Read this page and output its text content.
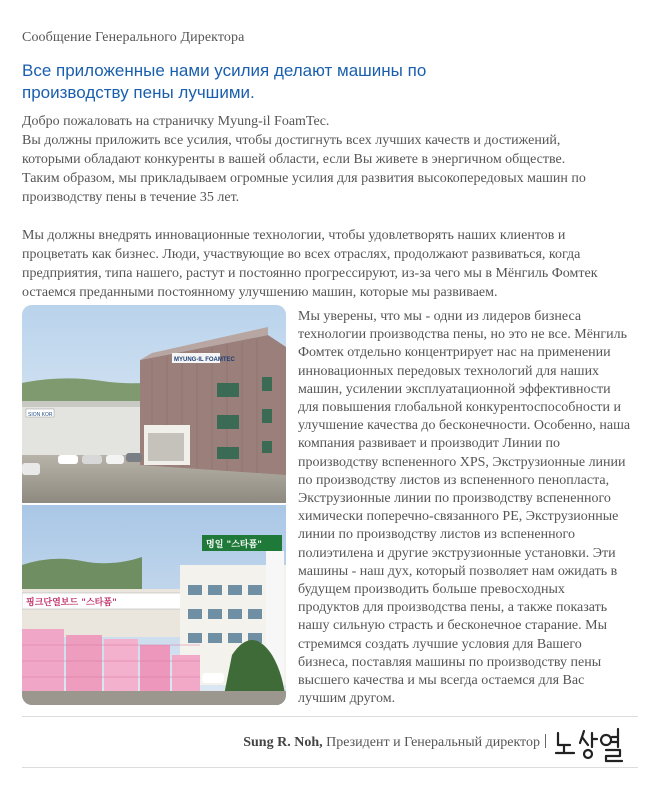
Сообщение Генерального Директора
Все приложенные нами усилия делают машины по
производству пены лучшими.

Добро пожаловать на страничку Myung-il FoamTec.
Вы должны приложить все усилия, чтобы достигнуть всех лучших качеств и достижений,
которыми обладают конкуренты в вашей области, если Вы живете в энергичном обществе.
Таким образом, мы прикладываем огромные усилия для развития высокопередовых машин по
производству пены в течение 35 лет.

Мы должны внедрять инновационные технологии, чтобы удовлетворять наших клиентов и
процветать как бизнес. Люди, участвующие во всех отраслях, продолжают развиваться, когда
предприятия, типа нашего, растут и постоянно прогрессируют, из-за чего мы в Мёнгиль Фомтек
остаемся преданными постоянному улучшению машин, которые мы развиваем.

SION KOR
MYUNG-IL FOAMTEC
핑크단열보드 "스타폼"
명일 "스타폼"
Мы уверены, что мы - одни из лидеров бизнеса
технологии производства пены, но это не все. Мёнгиль
Фомтек отдельно концентрирует нас на применении
инновационных передовых технологий для наших
машин, усилении эксплуатационной эффективности
для повышения глобальной конкурентоспособности и
улучшение качества до бесконечности. Особенно, наша
компания развивает и производит Линии по
производству вспененного XPS, Экструзионные линии
по производству листов из вспененного пенопласта,
Экструзионные линии по производству вспененного
химически поперечно-связанного PE, Экструзионные
линии по производству листов из вспененного
полиэтилена и другие экструзионные установки. Эти
машины - наш дух, который позволяет нам ожидать в
будущем производить больше превосходных
продуктов для производства пены, а также показать
нашу сильную страсть и бесконечное старание. Мы
стремимся создать лучшие условия для Вашего
бизнеса, поставляя машины по производству пены
высшего качества и мы всегда остаемся для Вас
лучшим другом.
Sung R. Noh, Президент и Генеральный директор
